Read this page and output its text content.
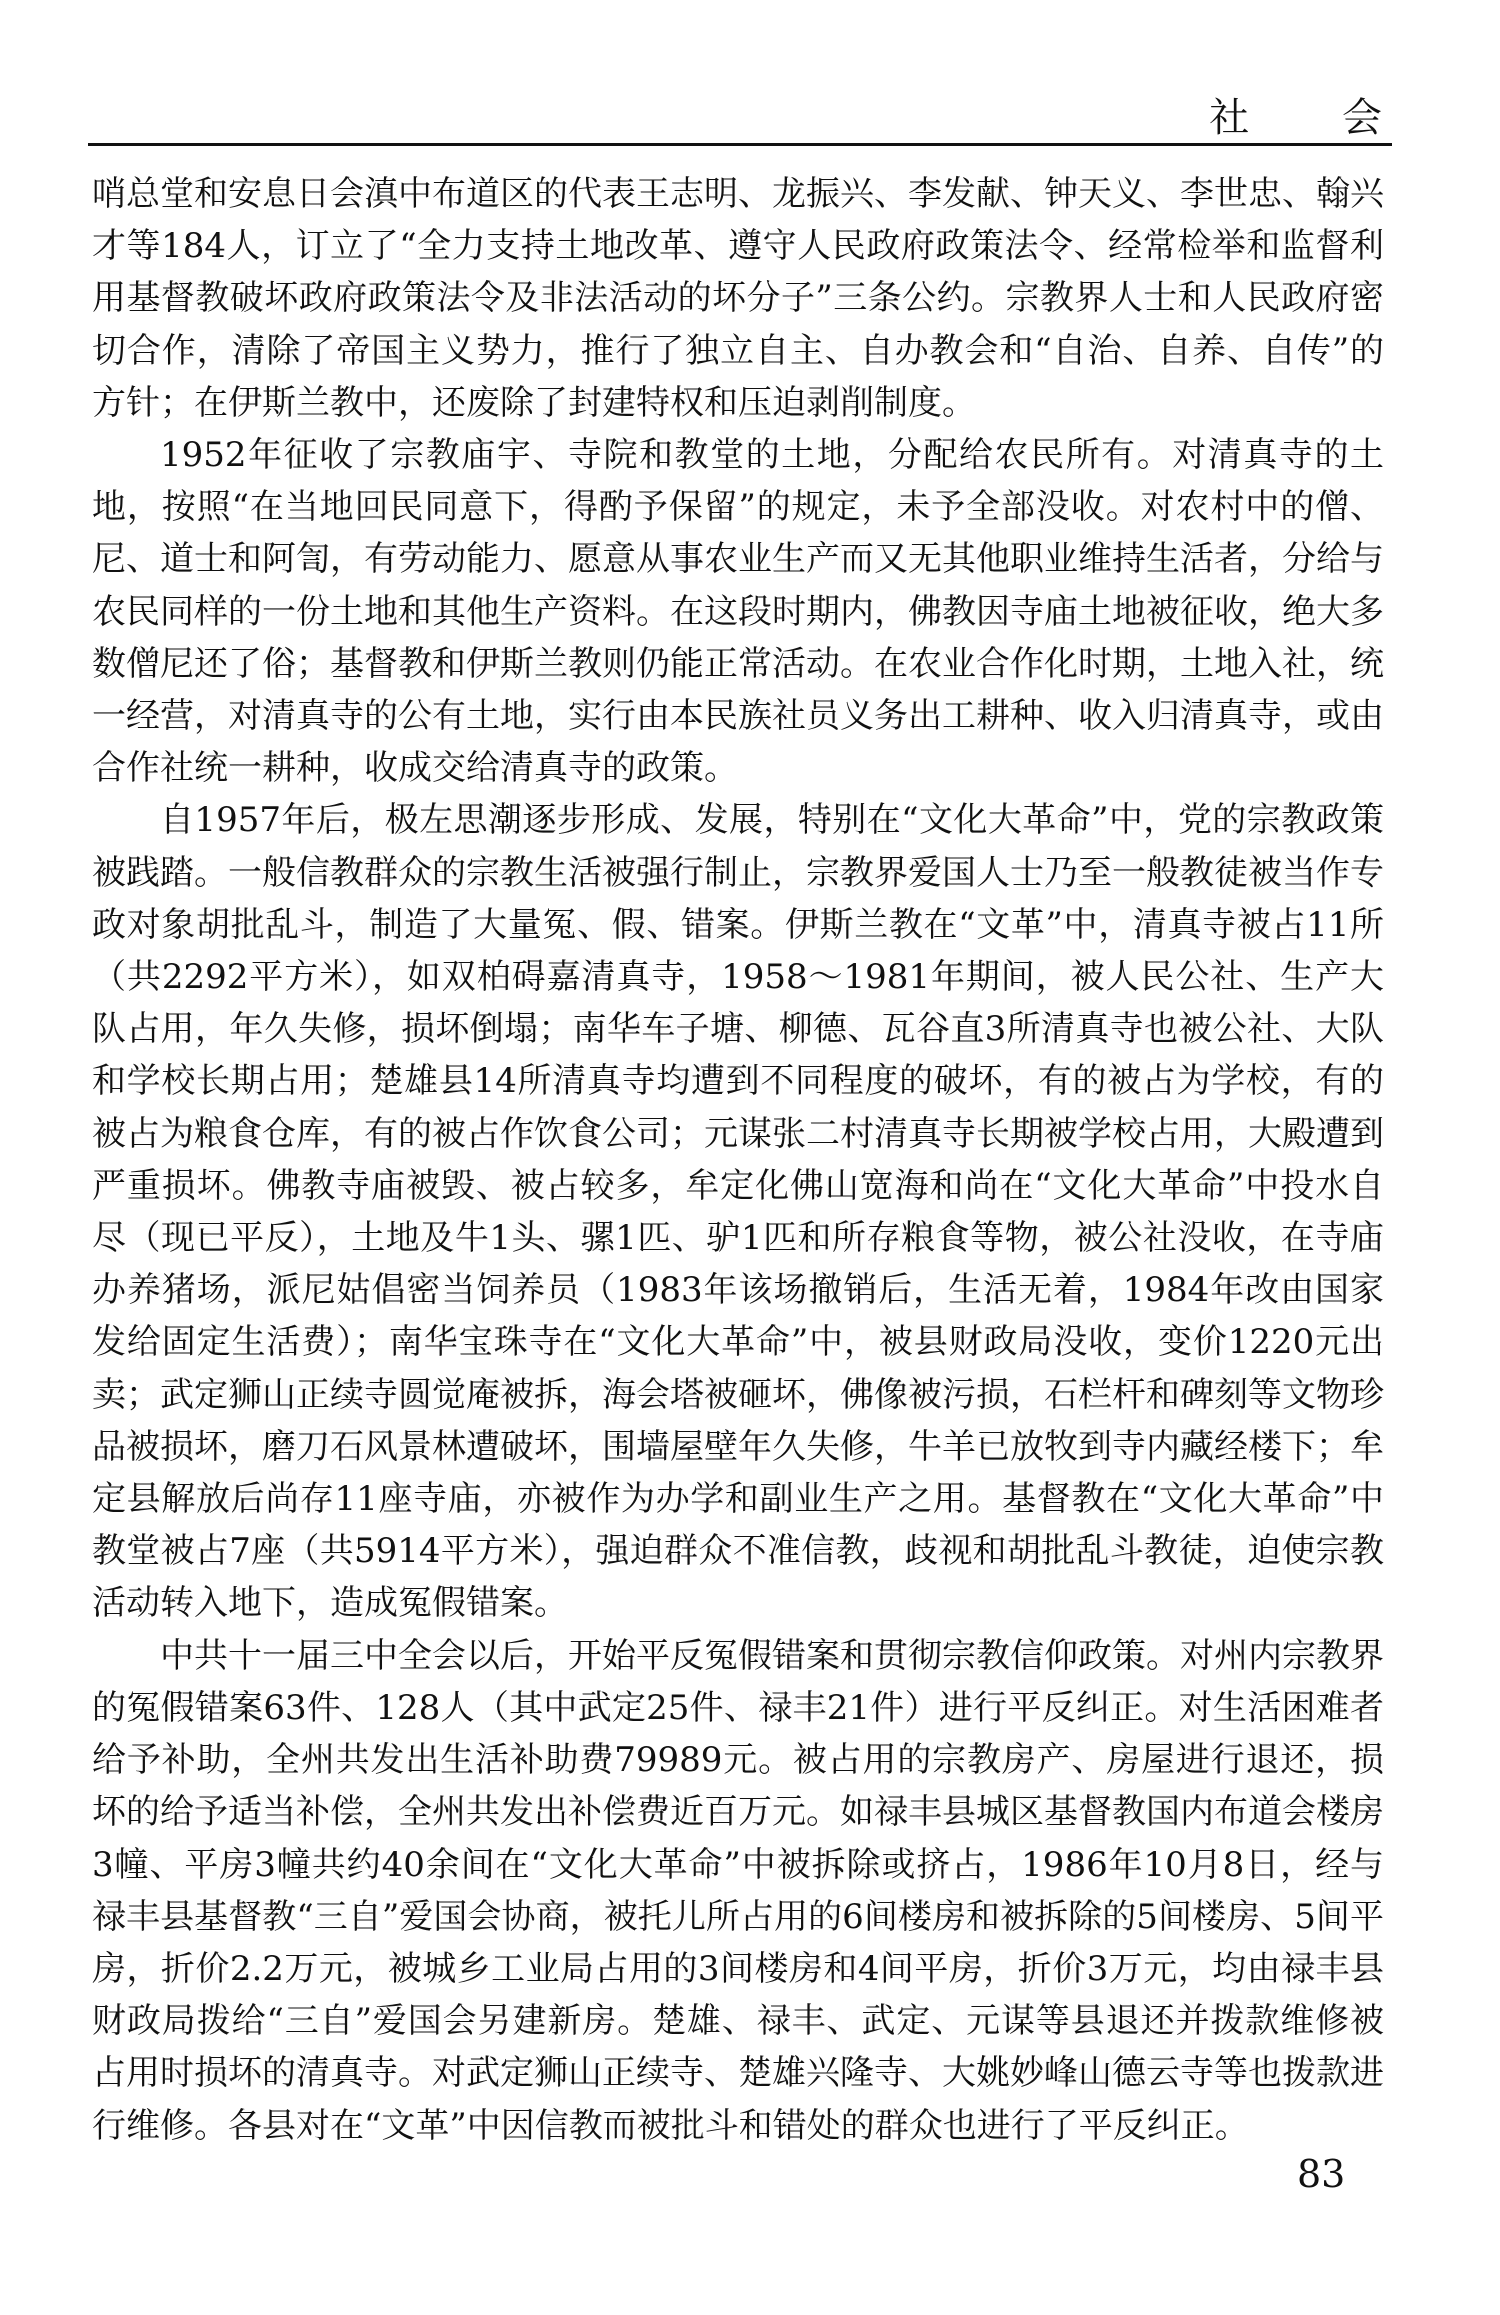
社 会

哨总堂和安息日会滇中布道区的代表王志明、龙振兴、李发献、钟天义、李世忠、翰兴才等184人，订立了“全力支持土地改革、遵守人民政府政策法令、经常检举和监督利用基督教破坏政府政策法令及非法活动的坏分子”三条公约。宗教界人士和人民政府密切合作，清除了帝国主义势力，推行了独立自主、自办教会和“自治、自养、自传”的方针；在伊斯兰教中，还废除了封建特权和压迫剥削制度。

1952年征收了宗教庙宇、寺院和教堂的土地，分配给农民所有。对清真寺的土地，按照“在当地回民同意下，得酌予保留”的规定，未予全部没收。对农村中的僧、尼、道士和阿訇，有劳动能力、愿意从事农业生产而又无其他职业维持生活者，分给与农民同样的一份土地和其他生产资料。在这段时期内，佛教因寺庙土地被征收，绝大多数僧尼还了俗；基督教和伊斯兰教则仍能正常活动。在农业合作化时期，土地入社，统一经营，对清真寺的公有土地，实行由本民族社员义务出工耕种、收入归清真寺，或由合作社统一耕种，收成交给清真寺的政策。

自1957年后，极左思潮逐步形成、发展，特别在“文化大革命”中，党的宗教政策被践踏。一般信教群众的宗教生活被强行制止，宗教界爱国人士乃至一般教徒被当作专政对象胡批乱斗，制造了大量冤、假、错案。伊斯兰教在“文革”中，清真寺被占11所（共2292平方米），如双柏碍嘉清真寺，1958～1981年期间，被人民公社、生产大队占用，年久失修，损坏倒塌；南华车子塘、柳德、瓦谷直3所清真寺也被公社、大队和学校长期占用；楚雄县14所清真寺均遭到不同程度的破坏，有的被占为学校，有的被占为粮食仓库，有的被占作饮食公司；元谋张二村清真寺长期被学校占用，大殿遭到严重损坏。佛教寺庙被毁、被占较多，牟定化佛山宽海和尚在“文化大革命”中投水自尽（现已平反），土地及牛1头、骡1匹、驴1匹和所存粮食等物，被公社没收，在寺庙办养猪场，派尼姑倡密当饲养员（1983年该场撤销后，生活无着，1984年改由国家发给固定生活费）；南华宝珠寺在“文化大革命”中，被县财政局没收，变价1220元出卖；武定狮山正续寺圆觉庵被拆，海会塔被砸坏，佛像被污损，石栏杆和碑刻等文物珍品被损坏，磨刀石风景林遭破坏，围墙屋壁年久失修，牛羊已放牧到寺内藏经楼下；牟定县解放后尚存11座寺庙，亦被作为办学和副业生产之用。基督教在“文化大革命”中教堂被占7座（共5914平方米），强迫群众不准信教，歧视和胡批乱斗教徒，迫使宗教活动转入地下，造成冤假错案。

中共十一届三中全会以后，开始平反冤假错案和贯彻宗教信仰政策。对州内宗教界的冤假错案63件、128人（其中武定25件、禄丰21件）进行平反纠正。对生活困难者给予补助，全州共发出生活补助费79989元。被占用的宗教房产、房屋进行退还，损坏的给予适当补偿，全州共发出补偿费近百万元。如禄丰县城区基督教国内布道会楼房3幢、平房3幢共约40余间在“文化大革命”中被拆除或挤占，1986年10月8日，经与禄丰县基督教“三自”爱国会协商，被托儿所占用的6间楼房和被拆除的5间楼房、5间平房，折价2.2万元，被城乡工业局占用的3间楼房和4间平房，折价3万元，均由禄丰县财政局拨给“三自”爱国会另建新房。楚雄、禄丰、武定、元谋等县退还并拨款维修被占用时损坏的清真寺。对武定狮山正续寺、楚雄兴隆寺、大姚妙峰山德云寺等也拨款进行维修。各县对在“文革”中因信教而被批斗和错处的群众也进行了平反纠正。

83
